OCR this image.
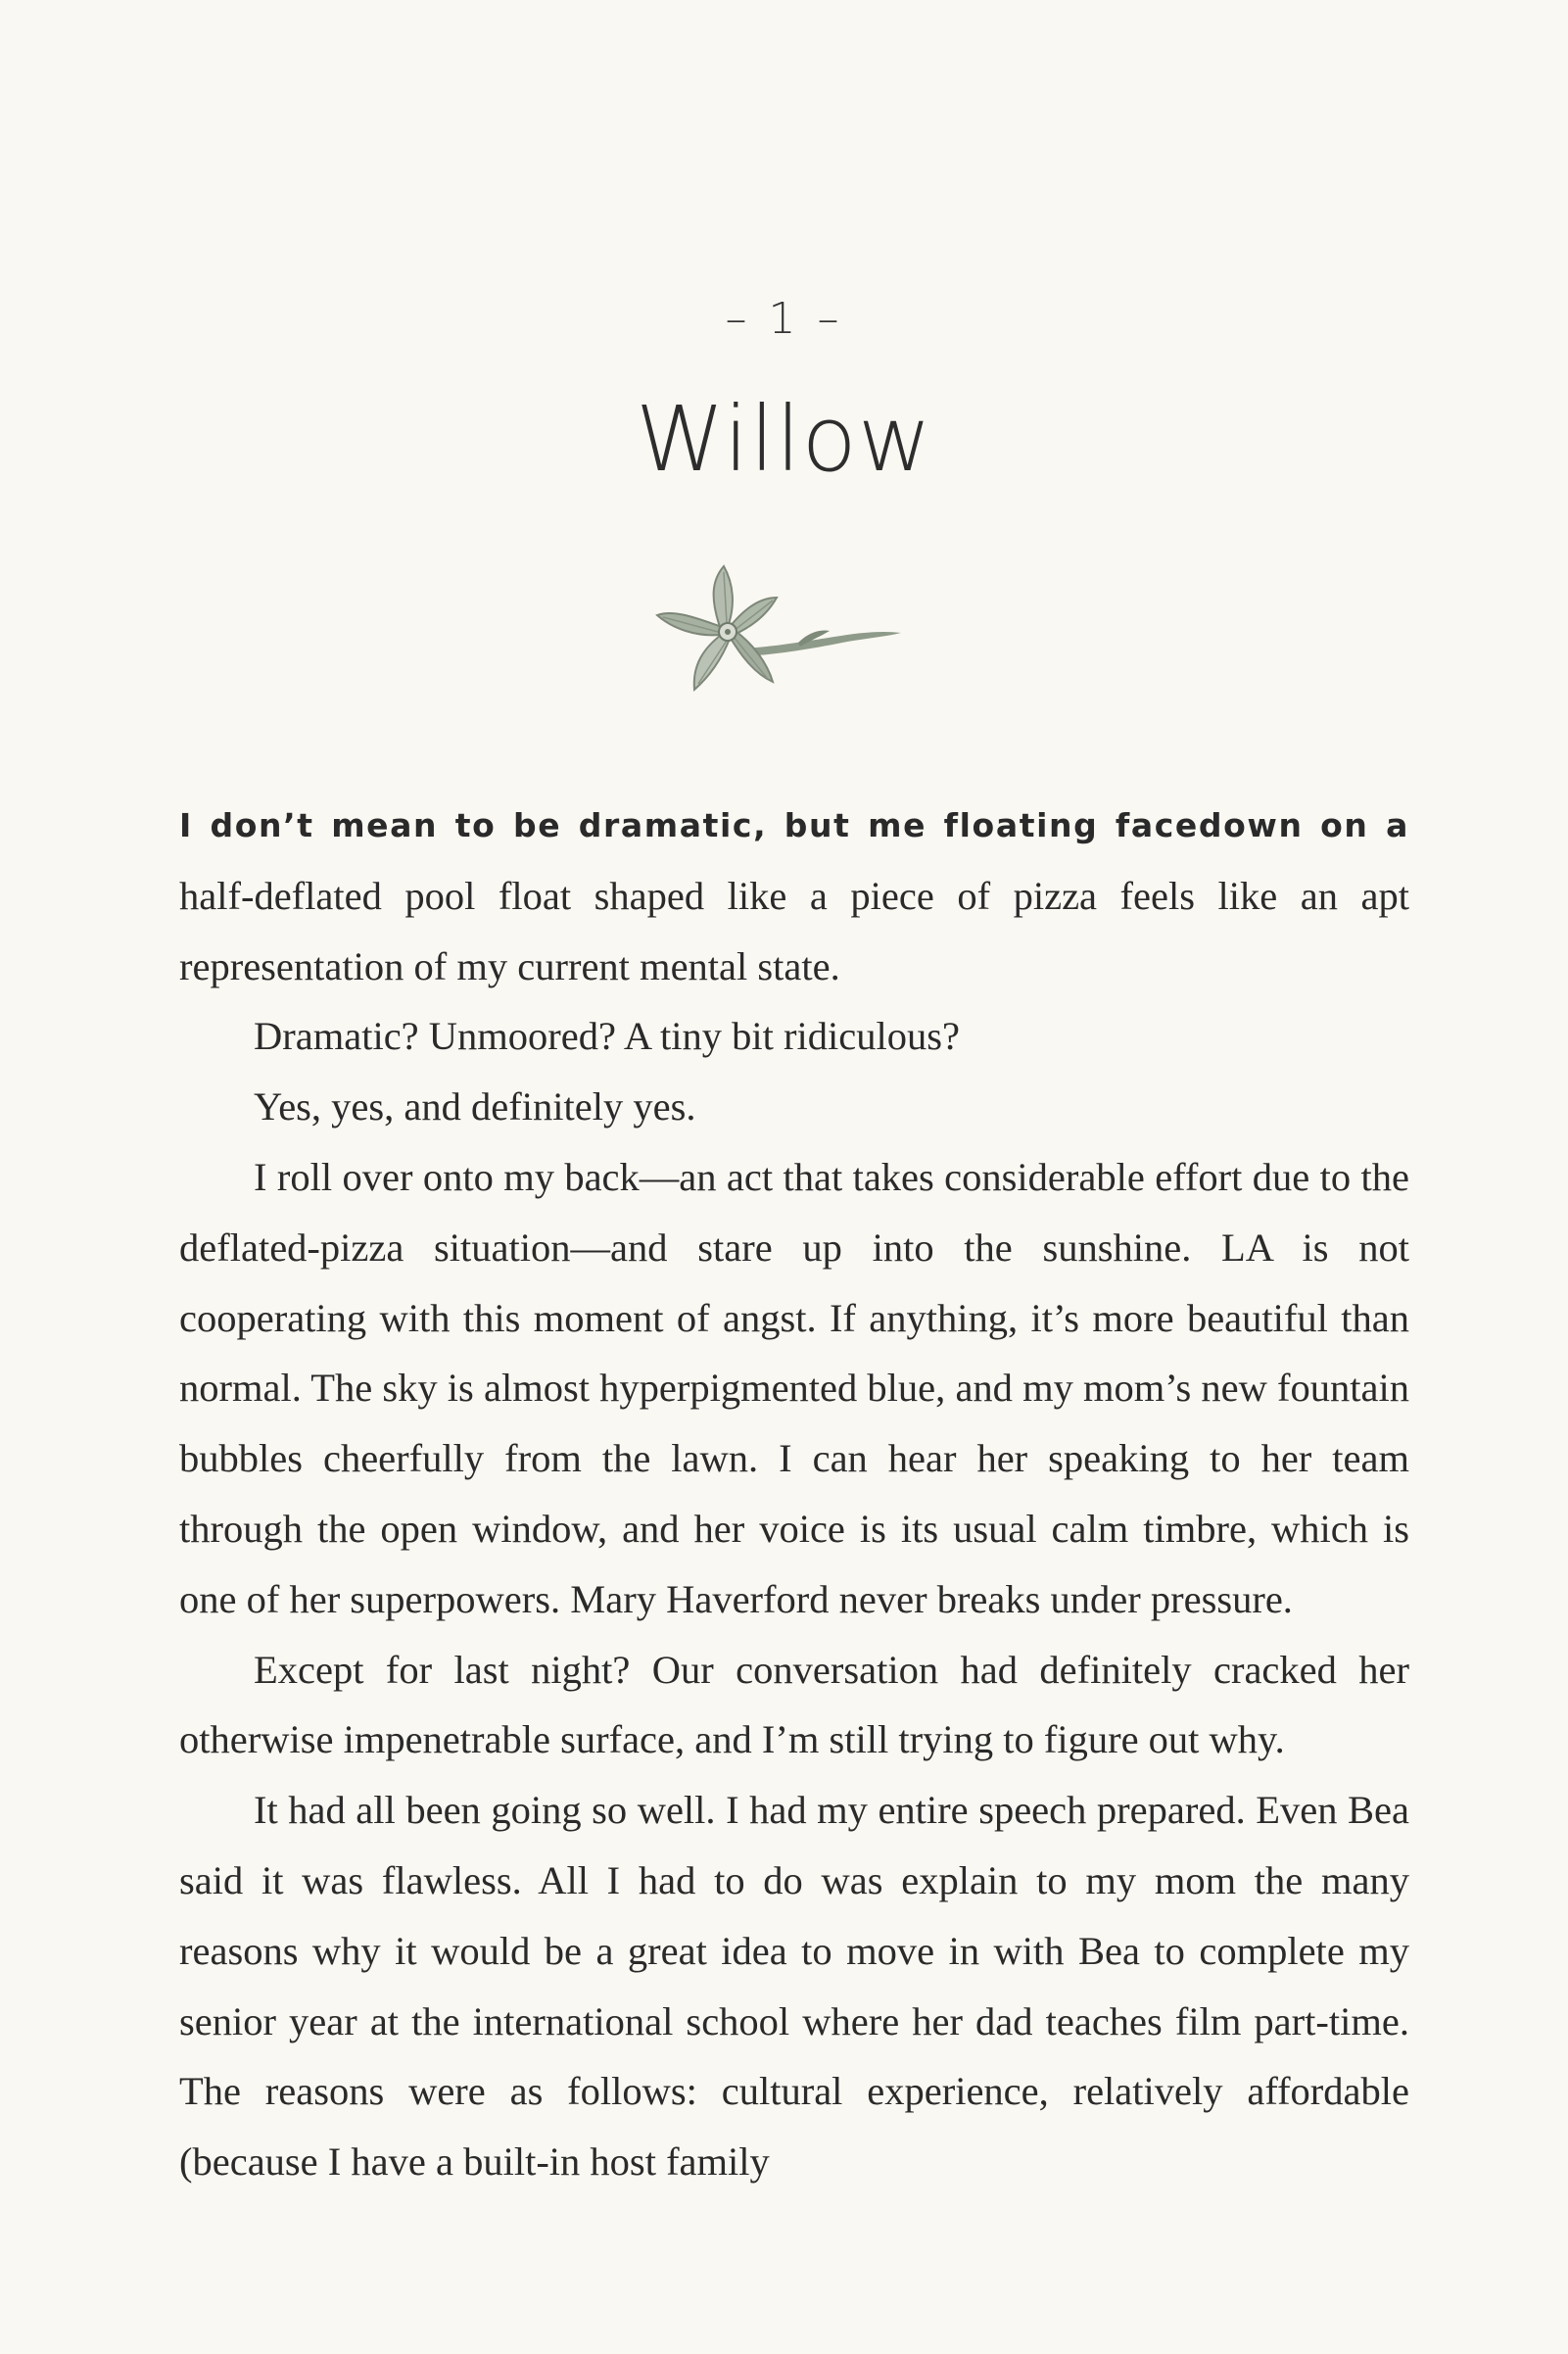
– 1 –
Willow

I don’t mean to be dramatic, but me floating facedown on a half-deflated pool float shaped like a piece of pizza feels like an apt representation of my current mental state.

Dramatic? Unmoored? A tiny bit ridiculous?

Yes, yes, and definitely yes.

I roll over onto my back—an act that takes considerable effort due to the deflated-pizza situation—and stare up into the sunshine. LA is not cooperating with this moment of angst. If anything, it’s more beautiful than normal. The sky is almost hyperpigmented blue, and my mom’s new fountain bubbles cheerfully from the lawn. I can hear her speaking to her team through the open window, and her voice is its usual calm timbre, which is one of her superpowers. Mary Haverford never breaks under pressure.

Except for last night? Our conversation had definitely cracked her otherwise impenetrable surface, and I’m still trying to figure out why.

It had all been going so well. I had my entire speech prepared. Even Bea said it was flawless. All I had to do was explain to my mom the many reasons why it would be a great idea to move in with Bea to complete my senior year at the international school where her dad teaches film part-time. The reasons were as follows: cultural experience, relatively affordable (because I have a built-in host family
